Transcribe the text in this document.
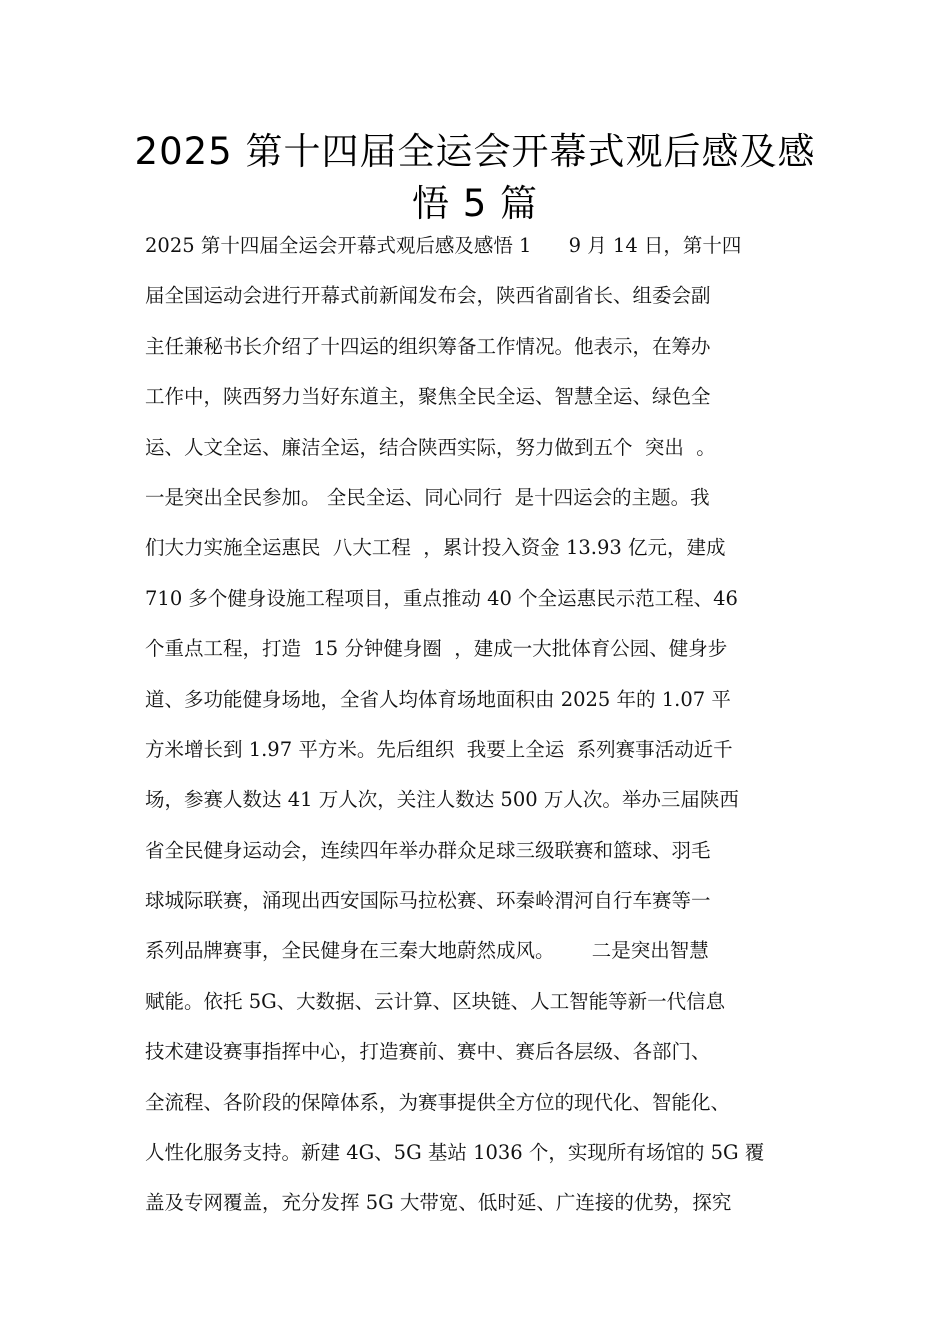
2025 第十四届全运会开幕式观后感及感
悟 5 篇
2025 第十四届全运会开幕式观后感及感悟 1      9 月 14 日，第十四
届全国运动会进行开幕式前新闻发布会，陕西省副省长、组委会副
主任兼秘书长介绍了十四运的组织筹备工作情况。他表示，在筹办
工作中，陕西努力当好东道主，聚焦全民全运、智慧全运、绿色全
运、人文全运、廉洁全运，结合陕西实际，努力做到五个  突出  。
一是突出全民参加。 全民全运、同心同行  是十四运会的主题。我
们大力实施全运惠民  八大工程  ，累计投入资金 13.93 亿元，建成
710 多个健身设施工程项目，重点推动 40 个全运惠民示范工程、46
个重点工程，打造  15 分钟健身圈  ，建成一大批体育公园、健身步
道、多功能健身场地，全省人均体育场地面积由 2025 年的 1.07 平
方米增长到 1.97 平方米。先后组织  我要上全运  系列赛事活动近千
场，参赛人数达 41 万人次，关注人数达 500 万人次。举办三届陕西
省全民健身运动会，连续四年举办群众足球三级联赛和篮球、羽毛
球城际联赛，涌现出西安国际马拉松赛、环秦岭渭河自行车赛等一
系列品牌赛事，全民健身在三秦大地蔚然成风。      二是突出智慧
赋能。依托 5G、大数据、云计算、区块链、人工智能等新一代信息
技术建设赛事指挥中心，打造赛前、赛中、赛后各层级、各部门、
全流程、各阶段的保障体系，为赛事提供全方位的现代化、智能化、
人性化服务支持。新建 4G、5G 基站 1036 个，实现所有场馆的 5G 覆
盖及专网覆盖，充分发挥 5G 大带宽、低时延、广连接的优势，探究
